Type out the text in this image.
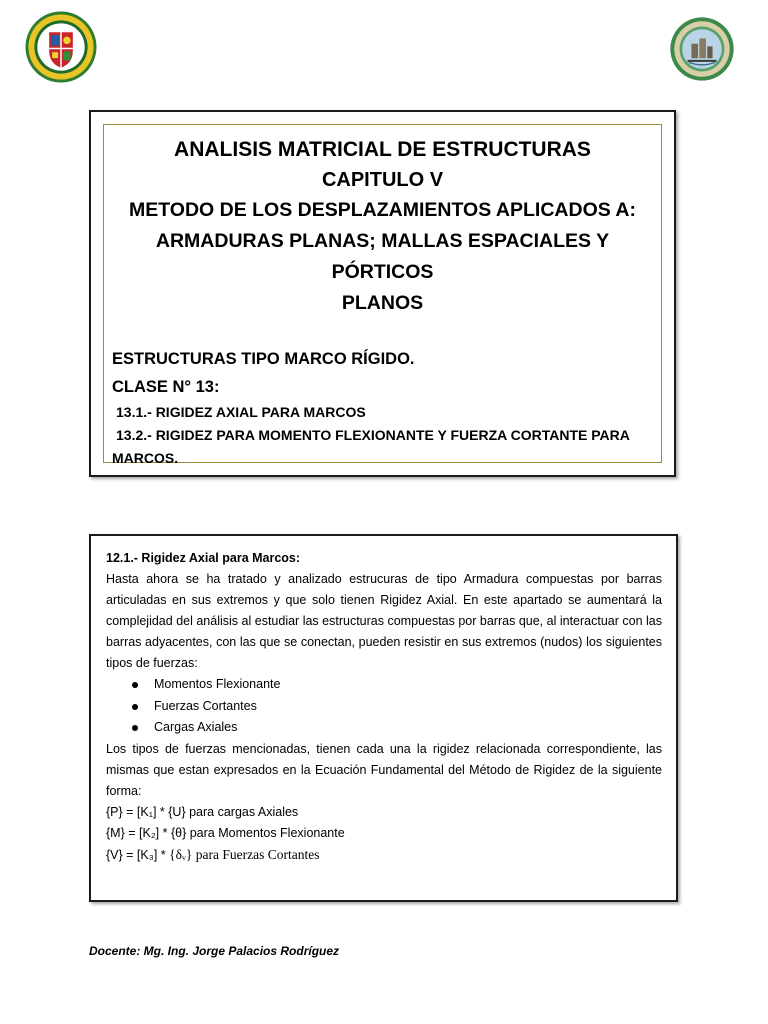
ANALISIS MATRICIAL DE ESTRUCTURAS
CAPITULO V
METODO DE LOS DESPLAZAMIENTOS APLICADOS A:
ARMADURAS PLANAS; MALLAS ESPACIALES Y PÓRTICOS
PLANOS
ESTRUCTURAS TIPO MARCO RÍGIDO.
CLASE N° 13:
13.1.- RIGIDEZ AXIAL PARA MARCOS
13.2.- RIGIDEZ PARA MOMENTO FLEXIONANTE Y FUERZA CORTANTE PARA
MARCOS.
12.1.- Rigidez Axial para Marcos:

Hasta ahora se ha tratado y analizado estrucuras de tipo Armadura compuestas por barras articuladas en sus extremos y que solo tienen Rigidez Axial. En este apartado se aumentará la complejidad del análisis al estudiar las estructuras compuestas por barras que, al interactuar con las barras adyacentes, con las que se conectan, pueden resistir en sus extremos (nudos) los siguientes tipos de fuerzas:

Momentos Flexionante
Fuerzas Cortantes
Cargas Axiales

Los tipos de fuerzas mencionadas, tienen cada una la rigidez relacionada correspondiente, las mismas que estan expresados en la Ecuación Fundamental del Método de Rigidez de la siguiente forma:

{P} = [K₁] * {U} para cargas Axiales
{M} = [K₂] * {θ} para Momentos Flexionante
{V} = [K₃] * {δᵥ} para Fuerzas Cortantes
Docente: Mg. Ing. Jorge Palacios Rodríguez
